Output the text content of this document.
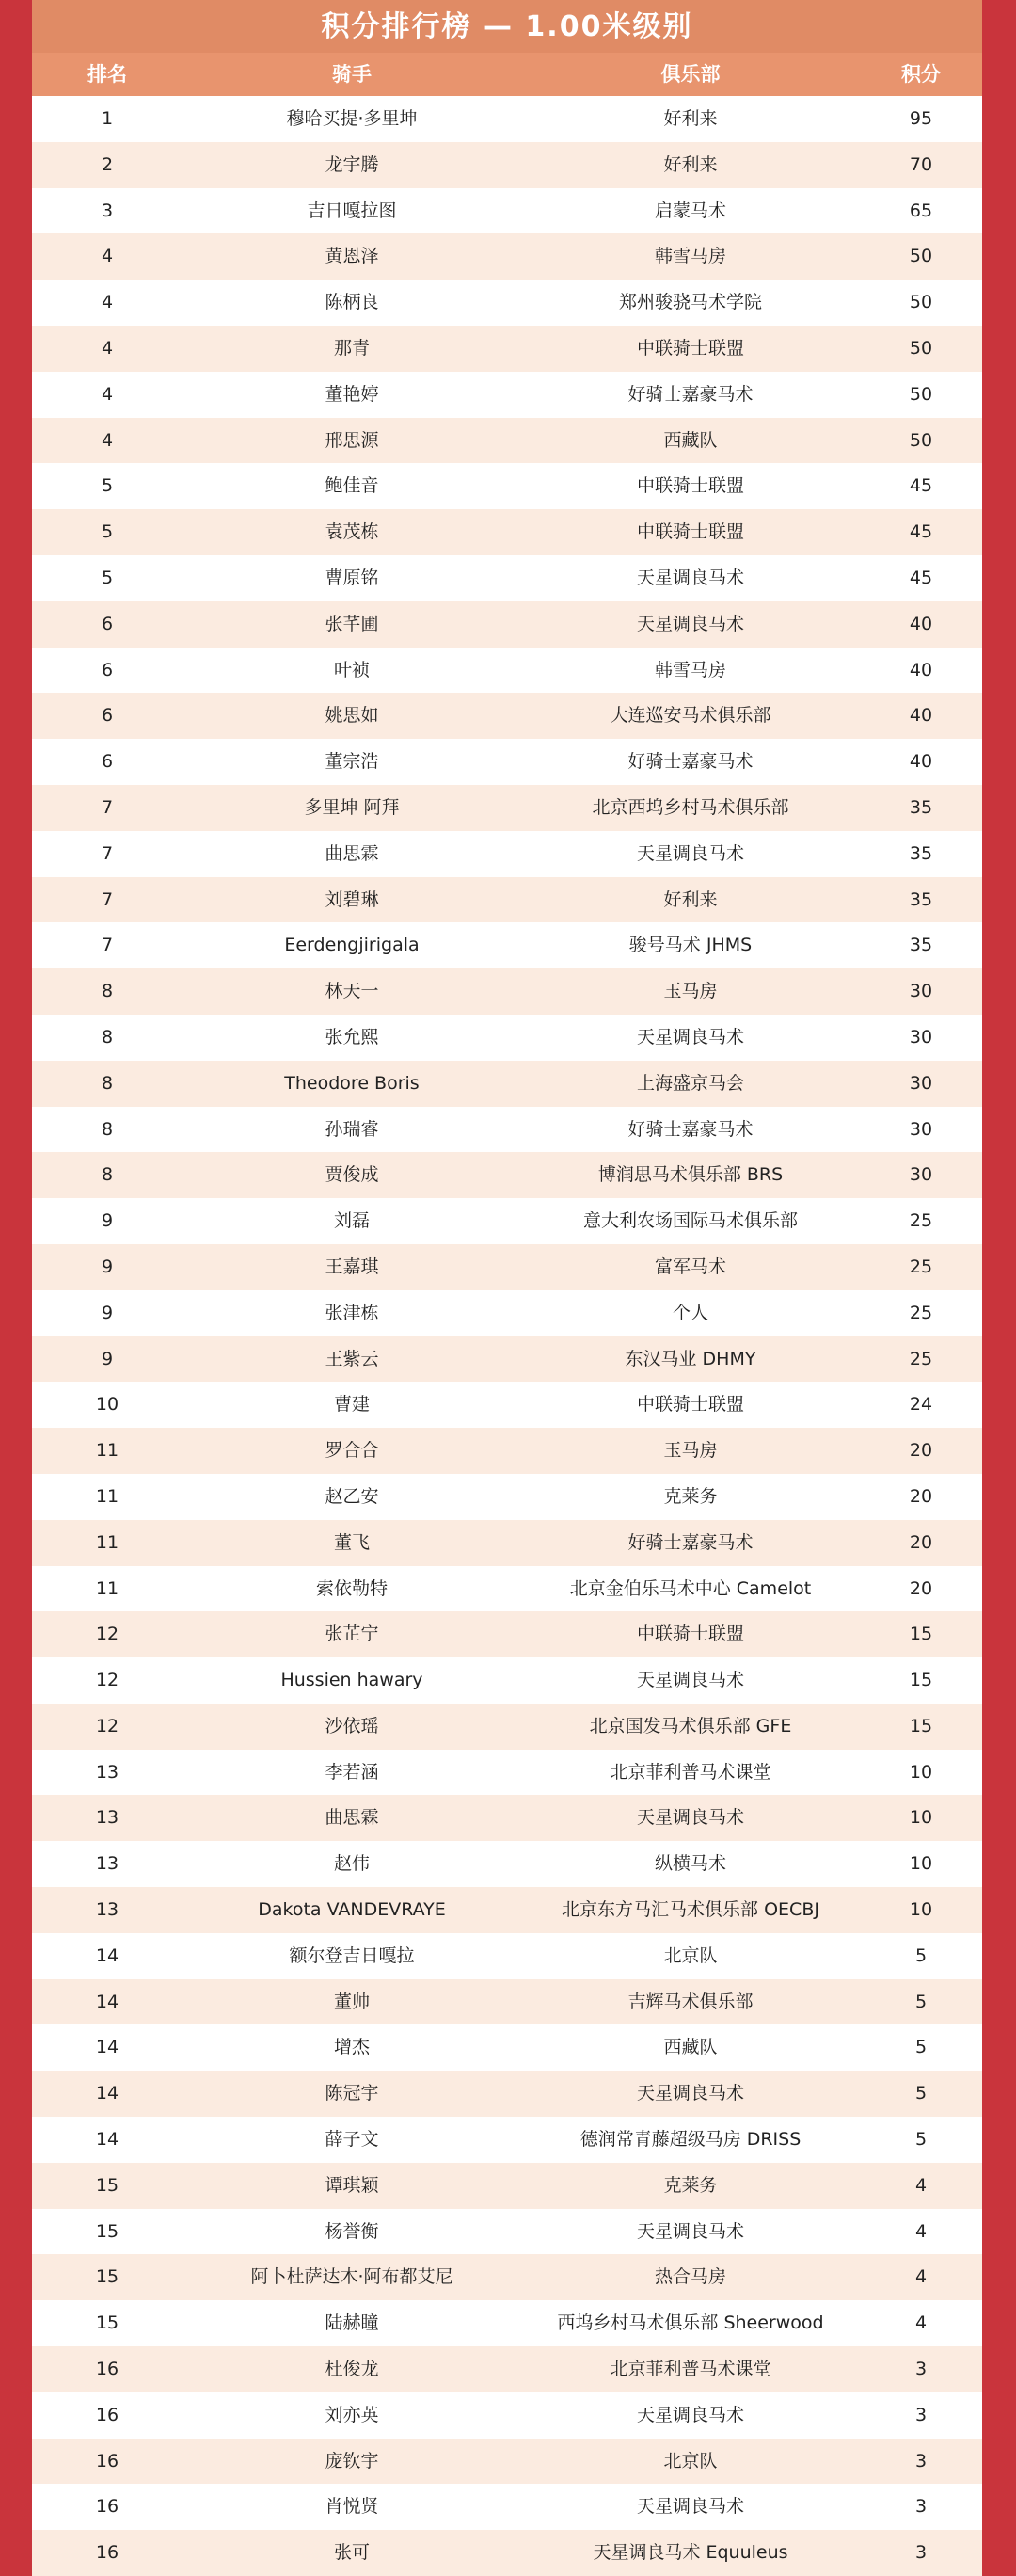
积分排行榜 — 1.00米级别
排名	骑手	俱乐部	积分
1	穆哈买提·多里坤	好利来	95
2	龙宇腾	好利来	70
3	吉日嘎拉图	启蒙马术	65
4	黄恩泽	韩雪马房	50
4	陈柄良	郑州骏骁马术学院	50
4	那青	中联骑士联盟	50
4	董艳婷	好骑士嘉豪马术	50
4	邢思源	西藏队	50
5	鲍佳音	中联骑士联盟	45
5	袁茂栋	中联骑士联盟	45
5	曹原铭	天星调良马术	45
6	张芊圃	天星调良马术	40
6	叶祯	韩雪马房	40
6	姚思如	大连巡安马术俱乐部	40
6	董宗浩	好骑士嘉豪马术	40
7	多里坤 阿拜	北京西坞乡村马术俱乐部	35
7	曲思霖	天星调良马术	35
7	刘碧琳	好利来	35
7	Eerdengjirigala	骏号马术 JHMS	35
8	林天一	玉马房	30
8	张允熙	天星调良马术	30
8	Theodore Boris	上海盛京马会	30
8	孙瑞睿	好骑士嘉豪马术	30
8	贾俊成	博润思马术俱乐部 BRS	30
9	刘磊	意大利农场国际马术俱乐部	25
9	王嘉琪	富军马术	25
9	张津栋	个人	25
9	王紫云	东汉马业 DHMY	25
10	曹建	中联骑士联盟	24
11	罗合合	玉马房	20
11	赵乙安	克莱务	20
11	董飞	好骑士嘉豪马术	20
11	索依勒特	北京金伯乐马术中心 Camelot	20
12	张芷宁	中联骑士联盟	15
12	Hussien hawary	天星调良马术	15
12	沙依瑶	北京国发马术俱乐部 GFE	15
13	李若涵	北京菲利普马术课堂	10
13	曲思霖	天星调良马术	10
13	赵伟	纵横马术	10
13	Dakota VANDEVRAYE	北京东方马汇马术俱乐部 OECBJ	10
14	额尔登吉日嘎拉	北京队	5
14	董帅	吉辉马术俱乐部	5
14	增杰	西藏队	5
14	陈冠宇	天星调良马术	5
14	薛子文	德润常青藤超级马房 DRISS	5
15	谭琪颖	克莱务	4
15	杨誉衡	天星调良马术	4
15	阿卜杜萨达木·阿布都艾尼	热合马房	4
15	陆赫瞳	西坞乡村马术俱乐部 Sheerwood	4
16	杜俊龙	北京菲利普马术课堂	3
16	刘亦英	天星调良马术	3
16	庞钦宇	北京队	3
16	肖悦贤	天星调良马术	3
16	张可	天星调良马术 Equuleus	3
